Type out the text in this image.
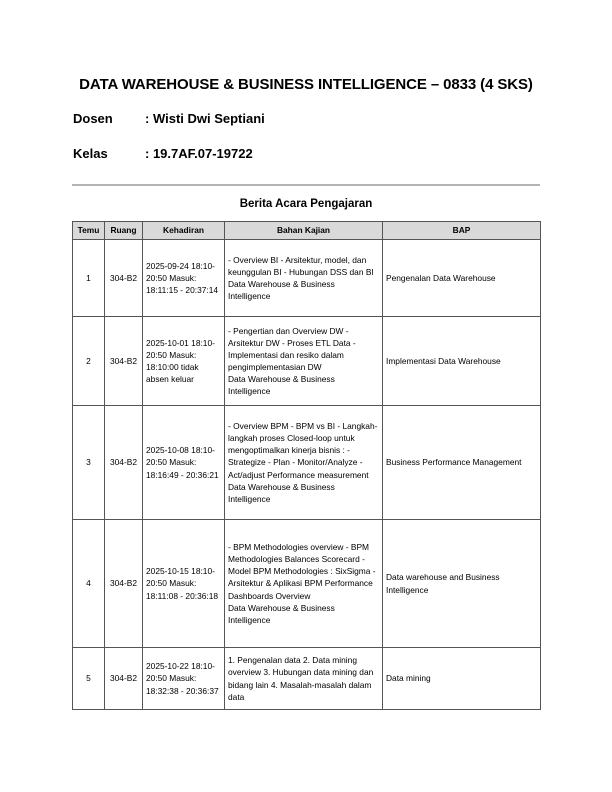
DATA WAREHOUSE & BUSINESS INTELLIGENCE – 0833 (4 SKS)
Dosen : Wisti Dwi Septiani
Kelas	: 19.7AF.07-19722
Berita Acara Pengajaran
Temu	Ruang	Kehadiran	Bahan Kajian	BAP
1	304-B2	2025-09-24 18:10-20:50 Masuk: 18:11:15 - 20:37:14	- Overview BI - Arsitektur, model, dan keunggulan BI - Hubungan DSS dan BI
Data Warehouse & Business Intelligence	Pengenalan Data Warehouse
2	304-B2	2025-10-01 18:10-20:50 Masuk: 18:10:00 tidak absen keluar	- Pengertian dan Overview DW - Arsitektur DW - Proses ETL Data - Implementasi dan resiko dalam pengimplementasian DW
Data Warehouse & Business Intelligence	Implementasi Data Warehouse
3	304-B2	2025-10-08 18:10-20:50 Masuk: 18:16:49 - 20:36:21	- Overview BPM - BPM vs BI - Langkah-langkah proses Closed-loop untuk mengoptimalkan kinerja bisnis : - Strategize - Plan - Monitor/Analyze - Act/adjust Performance measurement
Data Warehouse & Business Intelligence	Business Performance Management
4	304-B2	2025-10-15 18:10-20:50 Masuk: 18:11:08 - 20:36:18	- BPM Methodologies overview - BPM Methodologies Balances Scorecard - Model BPM Methodologies : SixSigma - Arsitektur & Aplikasi BPM Performance Dashboards Overview
Data Warehouse & Business Intelligence	Data warehouse and Business Intelligence
5	304-B2	2025-10-22 18:10-20:50 Masuk: 18:32:38 - 20:36:37	1. Pengenalan data 2. Data mining overview 3. Hubungan data mining dan bidang lain 4. Masalah-masalah dalam data	Data mining
